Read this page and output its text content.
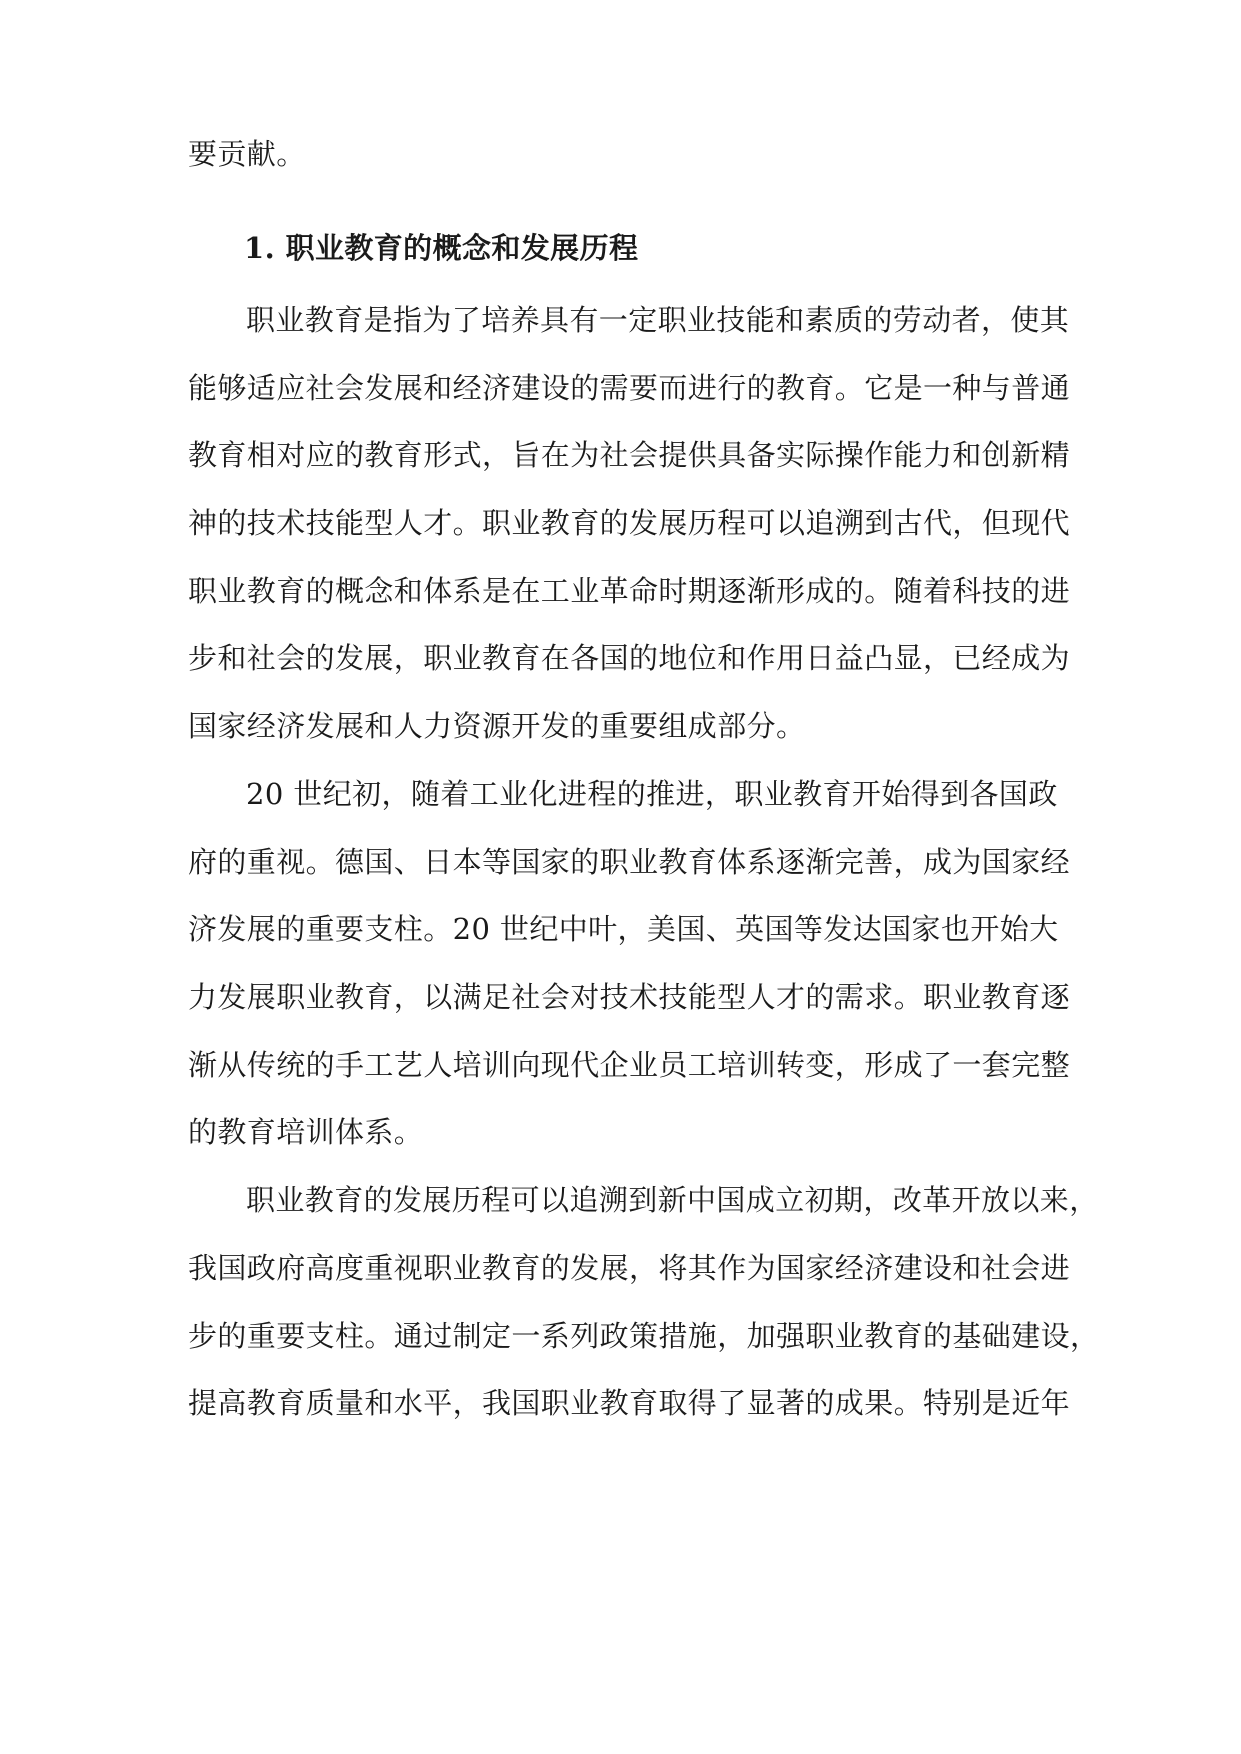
要贡献。
1. 职业教育的概念和发展历程
职业教育是指为了培养具有一定职业技能和素质的劳动者，使其
能够适应社会发展和经济建设的需要而进行的教育。它是一种与普通
教育相对应的教育形式，旨在为社会提供具备实际操作能力和创新精
神的技术技能型人才。职业教育的发展历程可以追溯到古代，但现代
职业教育的概念和体系是在工业革命时期逐渐形成的。随着科技的进
步和社会的发展，职业教育在各国的地位和作用日益凸显，已经成为
国家经济发展和人力资源开发的重要组成部分。
20 世纪初，随着工业化进程的推进，职业教育开始得到各国政
府的重视。德国、日本等国家的职业教育体系逐渐完善，成为国家经
济发展的重要支柱。20 世纪中叶，美国、英国等发达国家也开始大
力发展职业教育，以满足社会对技术技能型人才的需求。职业教育逐
渐从传统的手工艺人培训向现代企业员工培训转变，形成了一套完整
的教育培训体系。
职业教育的发展历程可以追溯到新中国成立初期，改革开放以来，
我国政府高度重视职业教育的发展，将其作为国家经济建设和社会进
步的重要支柱。通过制定一系列政策措施，加强职业教育的基础建设，
提高教育质量和水平，我国职业教育取得了显著的成果。特别是近年
